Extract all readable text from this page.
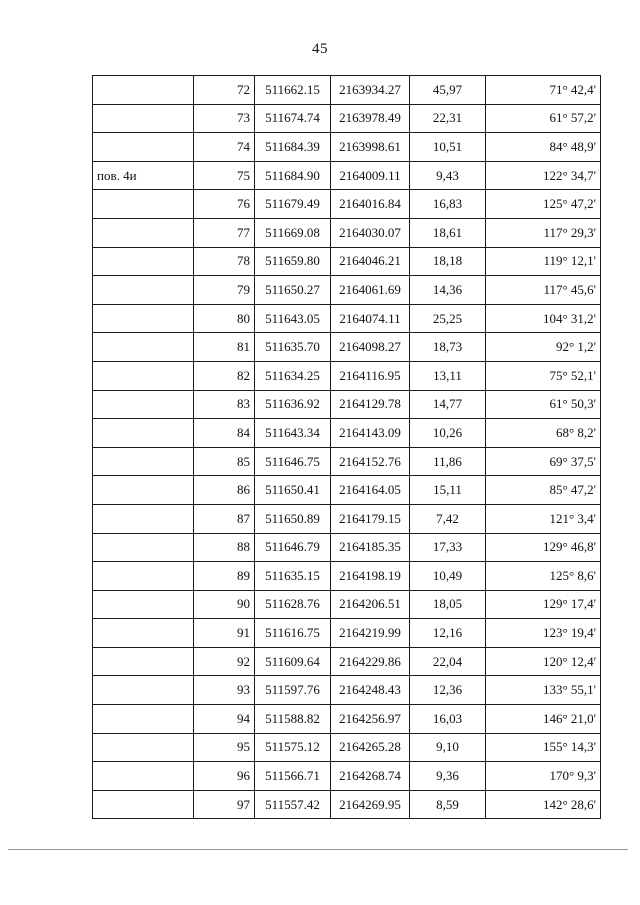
45
	72	511662.15	2163934.27	45,97	71° 42,4'
	73	511674.74	2163978.49	22,31	61° 57,2'
	74	511684.39	2163998.61	10,51	84° 48,9'
пов. 4и	75	511684.90	2164009.11	9,43	122° 34,7'
	76	511679.49	2164016.84	16,83	125° 47,2'
	77	511669.08	2164030.07	18,61	117° 29,3'
	78	511659.80	2164046.21	18,18	119° 12,1'
	79	511650.27	2164061.69	14,36	117° 45,6'
	80	511643.05	2164074.11	25,25	104° 31,2'
	81	511635.70	2164098.27	18,73	92° 1,2'
	82	511634.25	2164116.95	13,11	75° 52,1'
	83	511636.92	2164129.78	14,77	61° 50,3'
	84	511643.34	2164143.09	10,26	68° 8,2'
	85	511646.75	2164152.76	11,86	69° 37,5'
	86	511650.41	2164164.05	15,11	85° 47,2'
	87	511650.89	2164179.15	7,42	121° 3,4'
	88	511646.79	2164185.35	17,33	129° 46,8'
	89	511635.15	2164198.19	10,49	125° 8,6'
	90	511628.76	2164206.51	18,05	129° 17,4'
	91	511616.75	2164219.99	12,16	123° 19,4'
	92	511609.64	2164229.86	22,04	120° 12,4'
	93	511597.76	2164248.43	12,36	133° 55,1'
	94	511588.82	2164256.97	16,03	146° 21,0'
	95	511575.12	2164265.28	9,10	155° 14,3'
	96	511566.71	2164268.74	9,36	170° 9,3'
	97	511557.42	2164269.95	8,59	142° 28,6'
